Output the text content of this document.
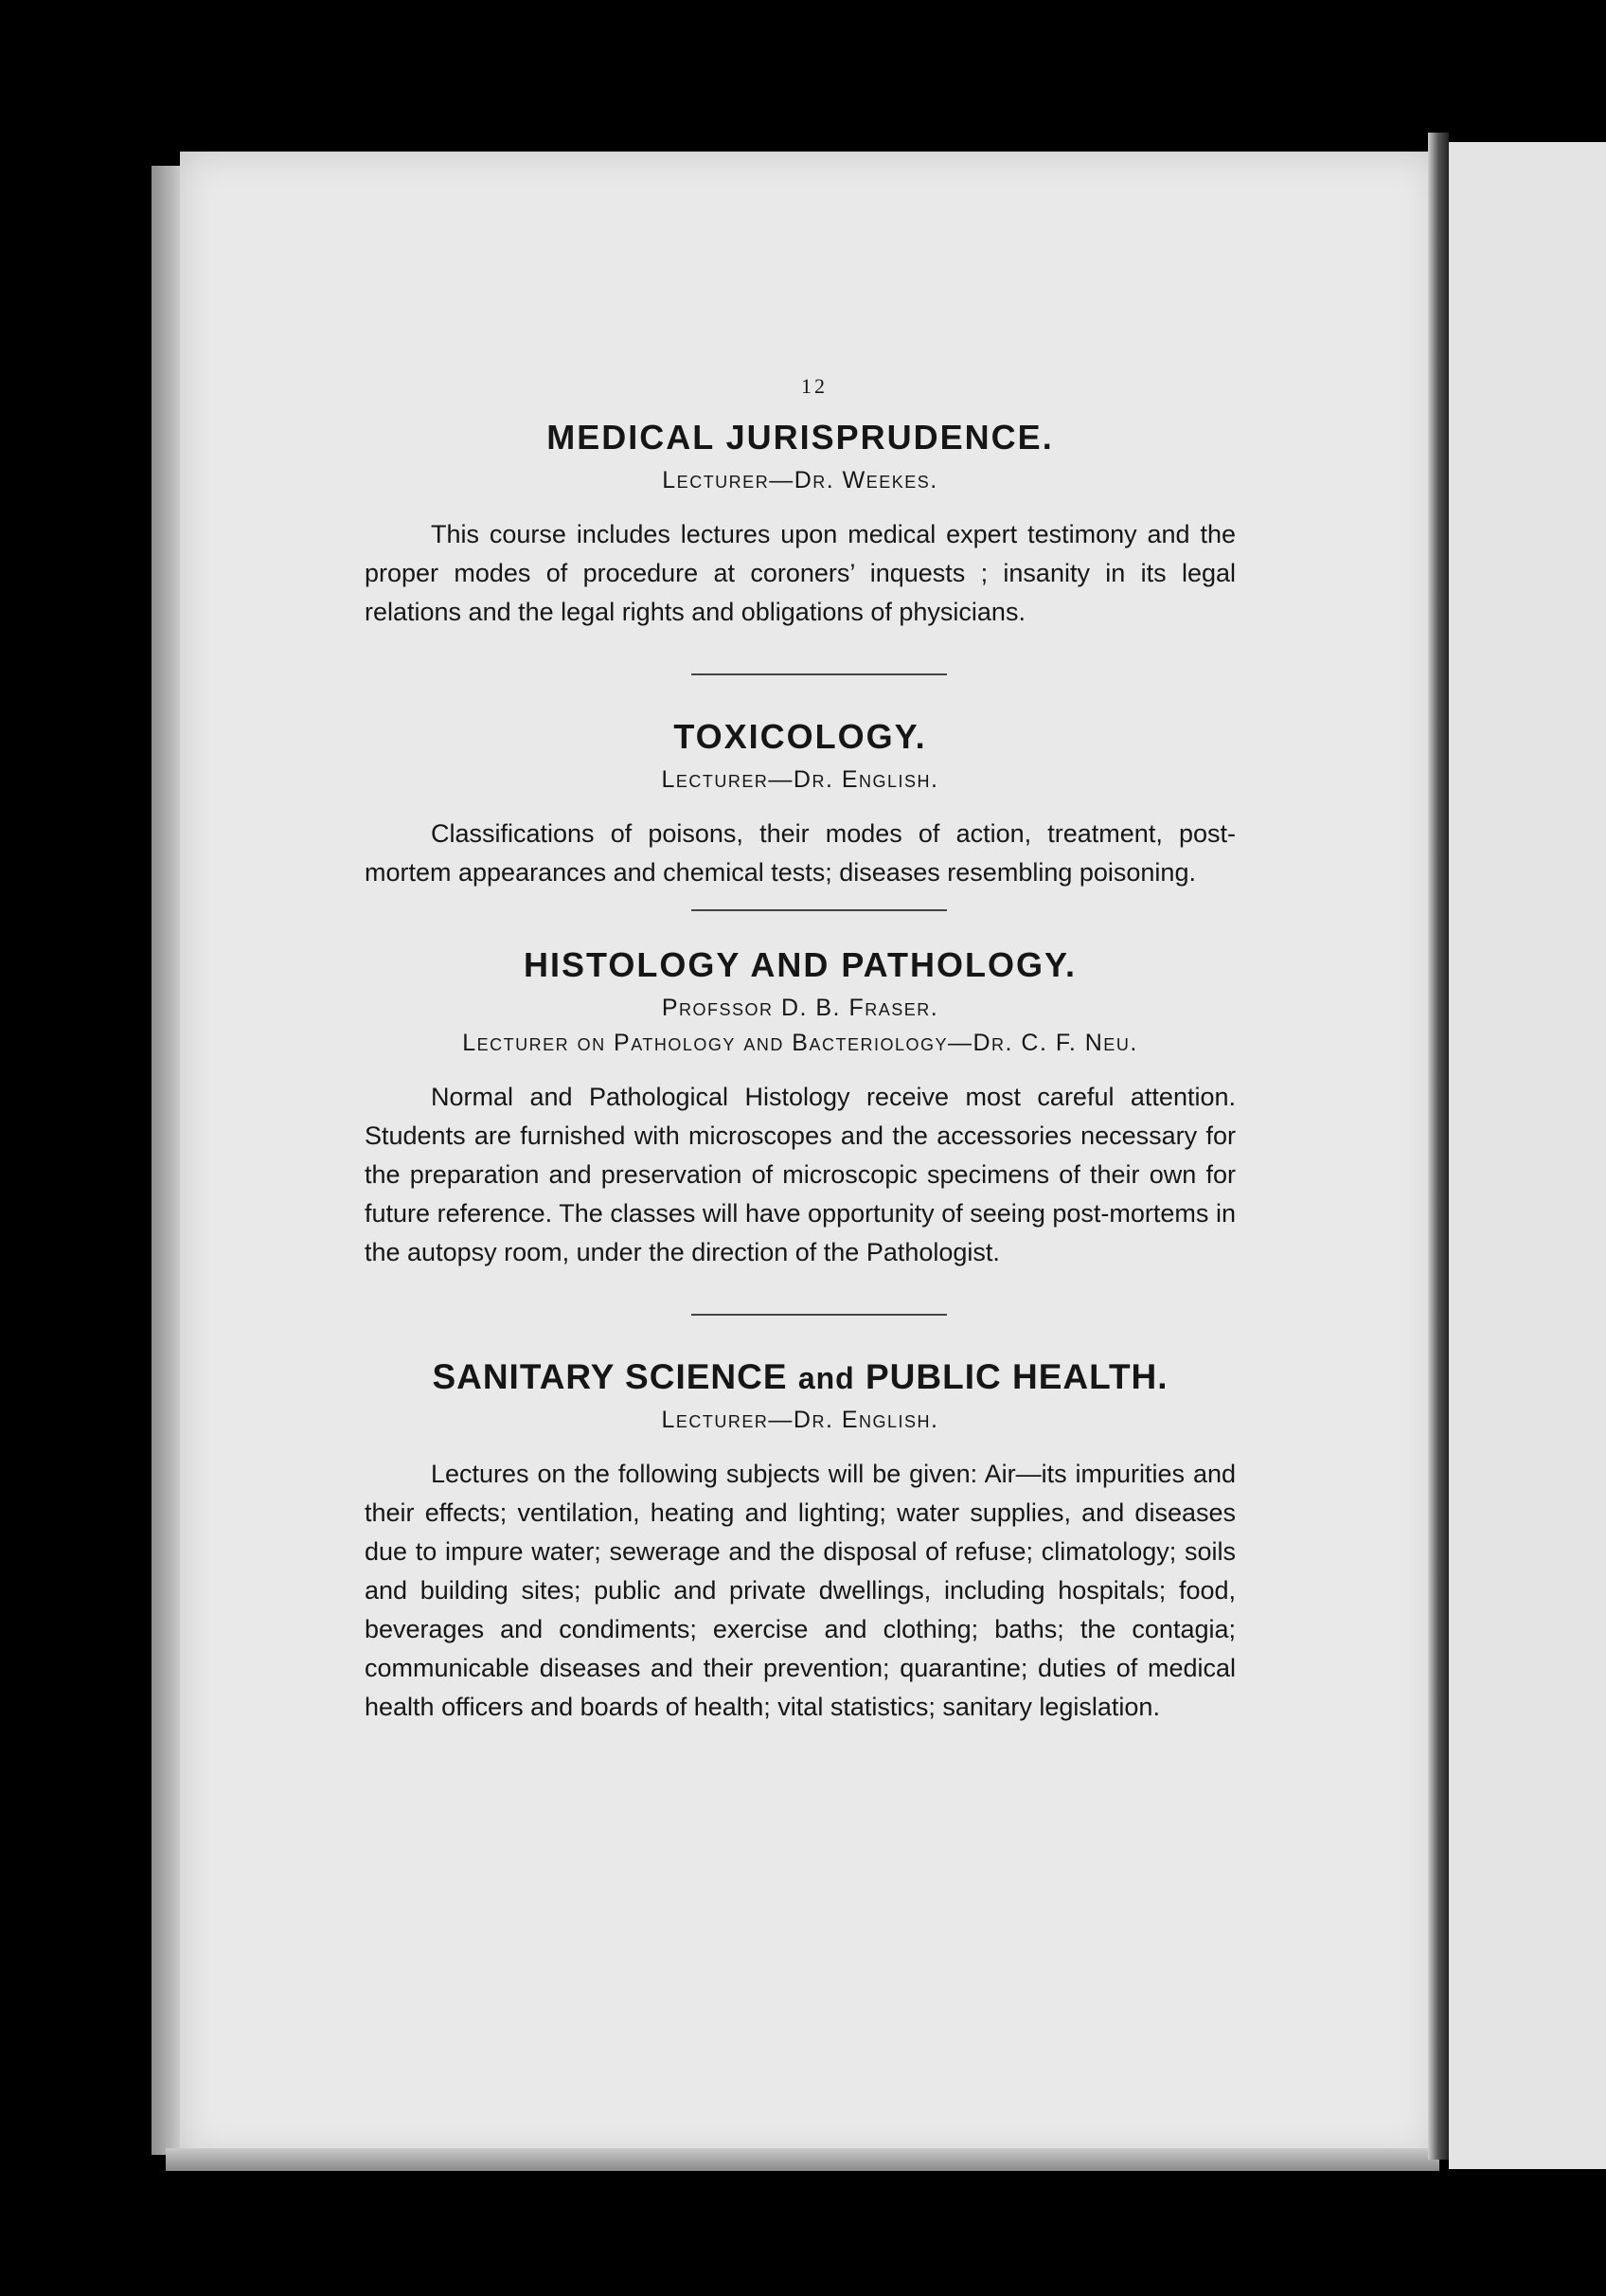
12
MEDICAL JURISPRUDENCE.
Lecturer—Dr. Weekes.

This course includes lectures upon medical expert testimony and the proper modes of procedure at coroners’ inquests ; insanity in its legal relations and the legal rights and obligations of physicians.

TOXICOLOGY.
Lecturer—Dr. English.

Classifications of poisons, their modes of action, treatment, post-mortem appearances and chemical tests; diseases resembling poisoning.

HISTOLOGY AND PATHOLOGY.
Profssor D. B. Fraser.
Lecturer on Pathology and Bacteriology—Dr. C. F. Neu.

Normal and Pathological Histology receive most careful attention. Students are furnished with microscopes and the accessories necessary for the preparation and preservation of microscopic specimens of their own for future reference. The classes will have opportunity of seeing post-mortems in the autopsy room, under the direction of the Pathologist.

SANITARY SCIENCE and PUBLIC HEALTH.
Lecturer—Dr. English.

Lectures on the following subjects will be given: Air—its impurities and their effects; ventilation, heating and lighting; water supplies, and diseases due to impure water; sewerage and the disposal of refuse; climatology; soils and building sites; public and private dwellings, including hospitals; food, beverages and condiments; exercise and clothing; baths; the contagia; communicable diseases and their prevention; quarantine; duties of medical health officers and boards of health; vital statistics; sanitary legislation.
